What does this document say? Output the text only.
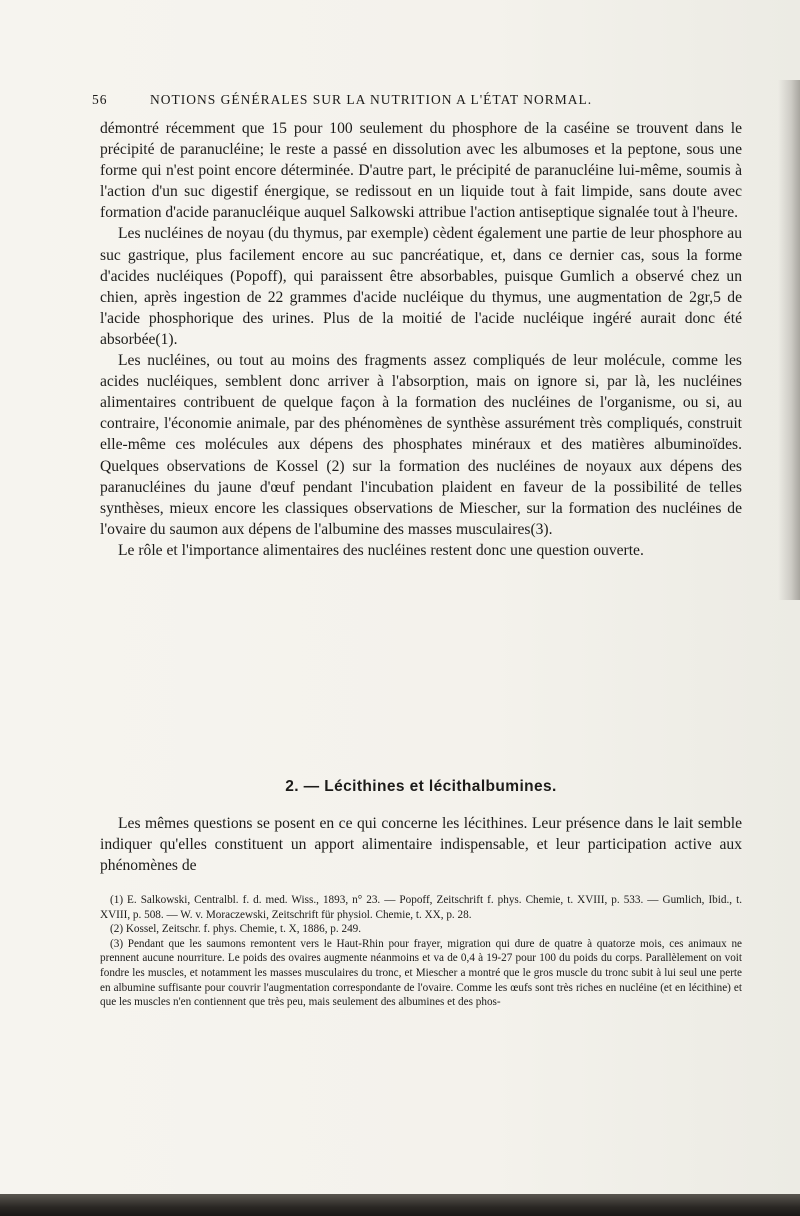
56	NOTIONS GÉNÉRALES SUR LA NUTRITION A L'ÉTAT NORMAL.

démontré récemment que 15 pour 100 seulement du phosphore de la caséine se trouvent dans le précipité de paranucléine; le reste a passé en dissolution avec les albumoses et la peptone, sous une forme qui n'est point encore déterminée. D'autre part, le précipité de paranucléine lui-même, soumis à l'action d'un suc digestif énergique, se redissout en un liquide tout à fait limpide, sans doute avec formation d'acide paranucléique auquel Salkowski attribue l'action antiseptique signalée tout à l'heure.

Les nucléines de noyau (du thymus, par exemple) cèdent également une partie de leur phosphore au suc gastrique, plus facilement encore au suc pancréatique, et, dans ce dernier cas, sous la forme d'acides nucléiques (Popoff), qui paraissent être absorbables, puisque Gumlich a observé chez un chien, après ingestion de 22 grammes d'acide nucléique du thymus, une augmentation de 2gr,5 de l'acide phosphorique des urines. Plus de la moitié de l'acide nucléique ingéré aurait donc été absorbée(1).

Les nucléines, ou tout au moins des fragments assez compliqués de leur molécule, comme les acides nucléiques, semblent donc arriver à l'absorption, mais on ignore si, par là, les nucléines alimentaires contribuent de quelque façon à la formation des nucléines de l'organisme, ou si, au contraire, l'économie animale, par des phénomènes de synthèse assurément très compliqués, construit elle-même ces molécules aux dépens des phosphates minéraux et des matières albuminoïdes. Quelques observations de Kossel (2) sur la formation des nucléines de noyaux aux dépens des paranucléines du jaune d'œuf pendant l'incubation plaident en faveur de la possibilité de telles synthèses, mieux encore les classiques observations de Miescher, sur la formation des nucléines de l'ovaire du saumon aux dépens de l'albumine des masses musculaires(3).

Le rôle et l'importance alimentaires des nucléines restent donc une question ouverte.

2. — Lécithines et lécithalbumines.

Les mêmes questions se posent en ce qui concerne les lécithines. Leur présence dans le lait semble indiquer qu'elles constituent un apport alimentaire indispensable, et leur participation active aux phénomènes de

(1) E. Salkowski, Centralbl. f. d. med. Wiss., 1893, n° 23. — Popoff, Zeitschrift f. phys. Chemie, t. XVIII, p. 533. — Gumlich, Ibid., t. XVIII, p. 508. — W. v. Moraczewski, Zeitschrift für physiol. Chemie, t. XX, p. 28.

(2) Kossel, Zeitschr. f. phys. Chemie, t. X, 1886, p. 249.

(3) Pendant que les saumons remontent vers le Haut-Rhin pour frayer, migration qui dure de quatre à quatorze mois, ces animaux ne prennent aucune nourriture. Le poids des ovaires augmente néanmoins et va de 0,4 à 19-27 pour 100 du poids du corps. Parallèlement on voit fondre les muscles, et notamment les masses musculaires du tronc, et Miescher a montré que le gros muscle du tronc subit à lui seul une perte en albumine suffisante pour couvrir l'augmentation correspondante de l'ovaire. Comme les œufs sont très riches en nucléine (et en lécithine) et que les muscles n'en contiennent que très peu, mais seulement des albumines et des phos-
